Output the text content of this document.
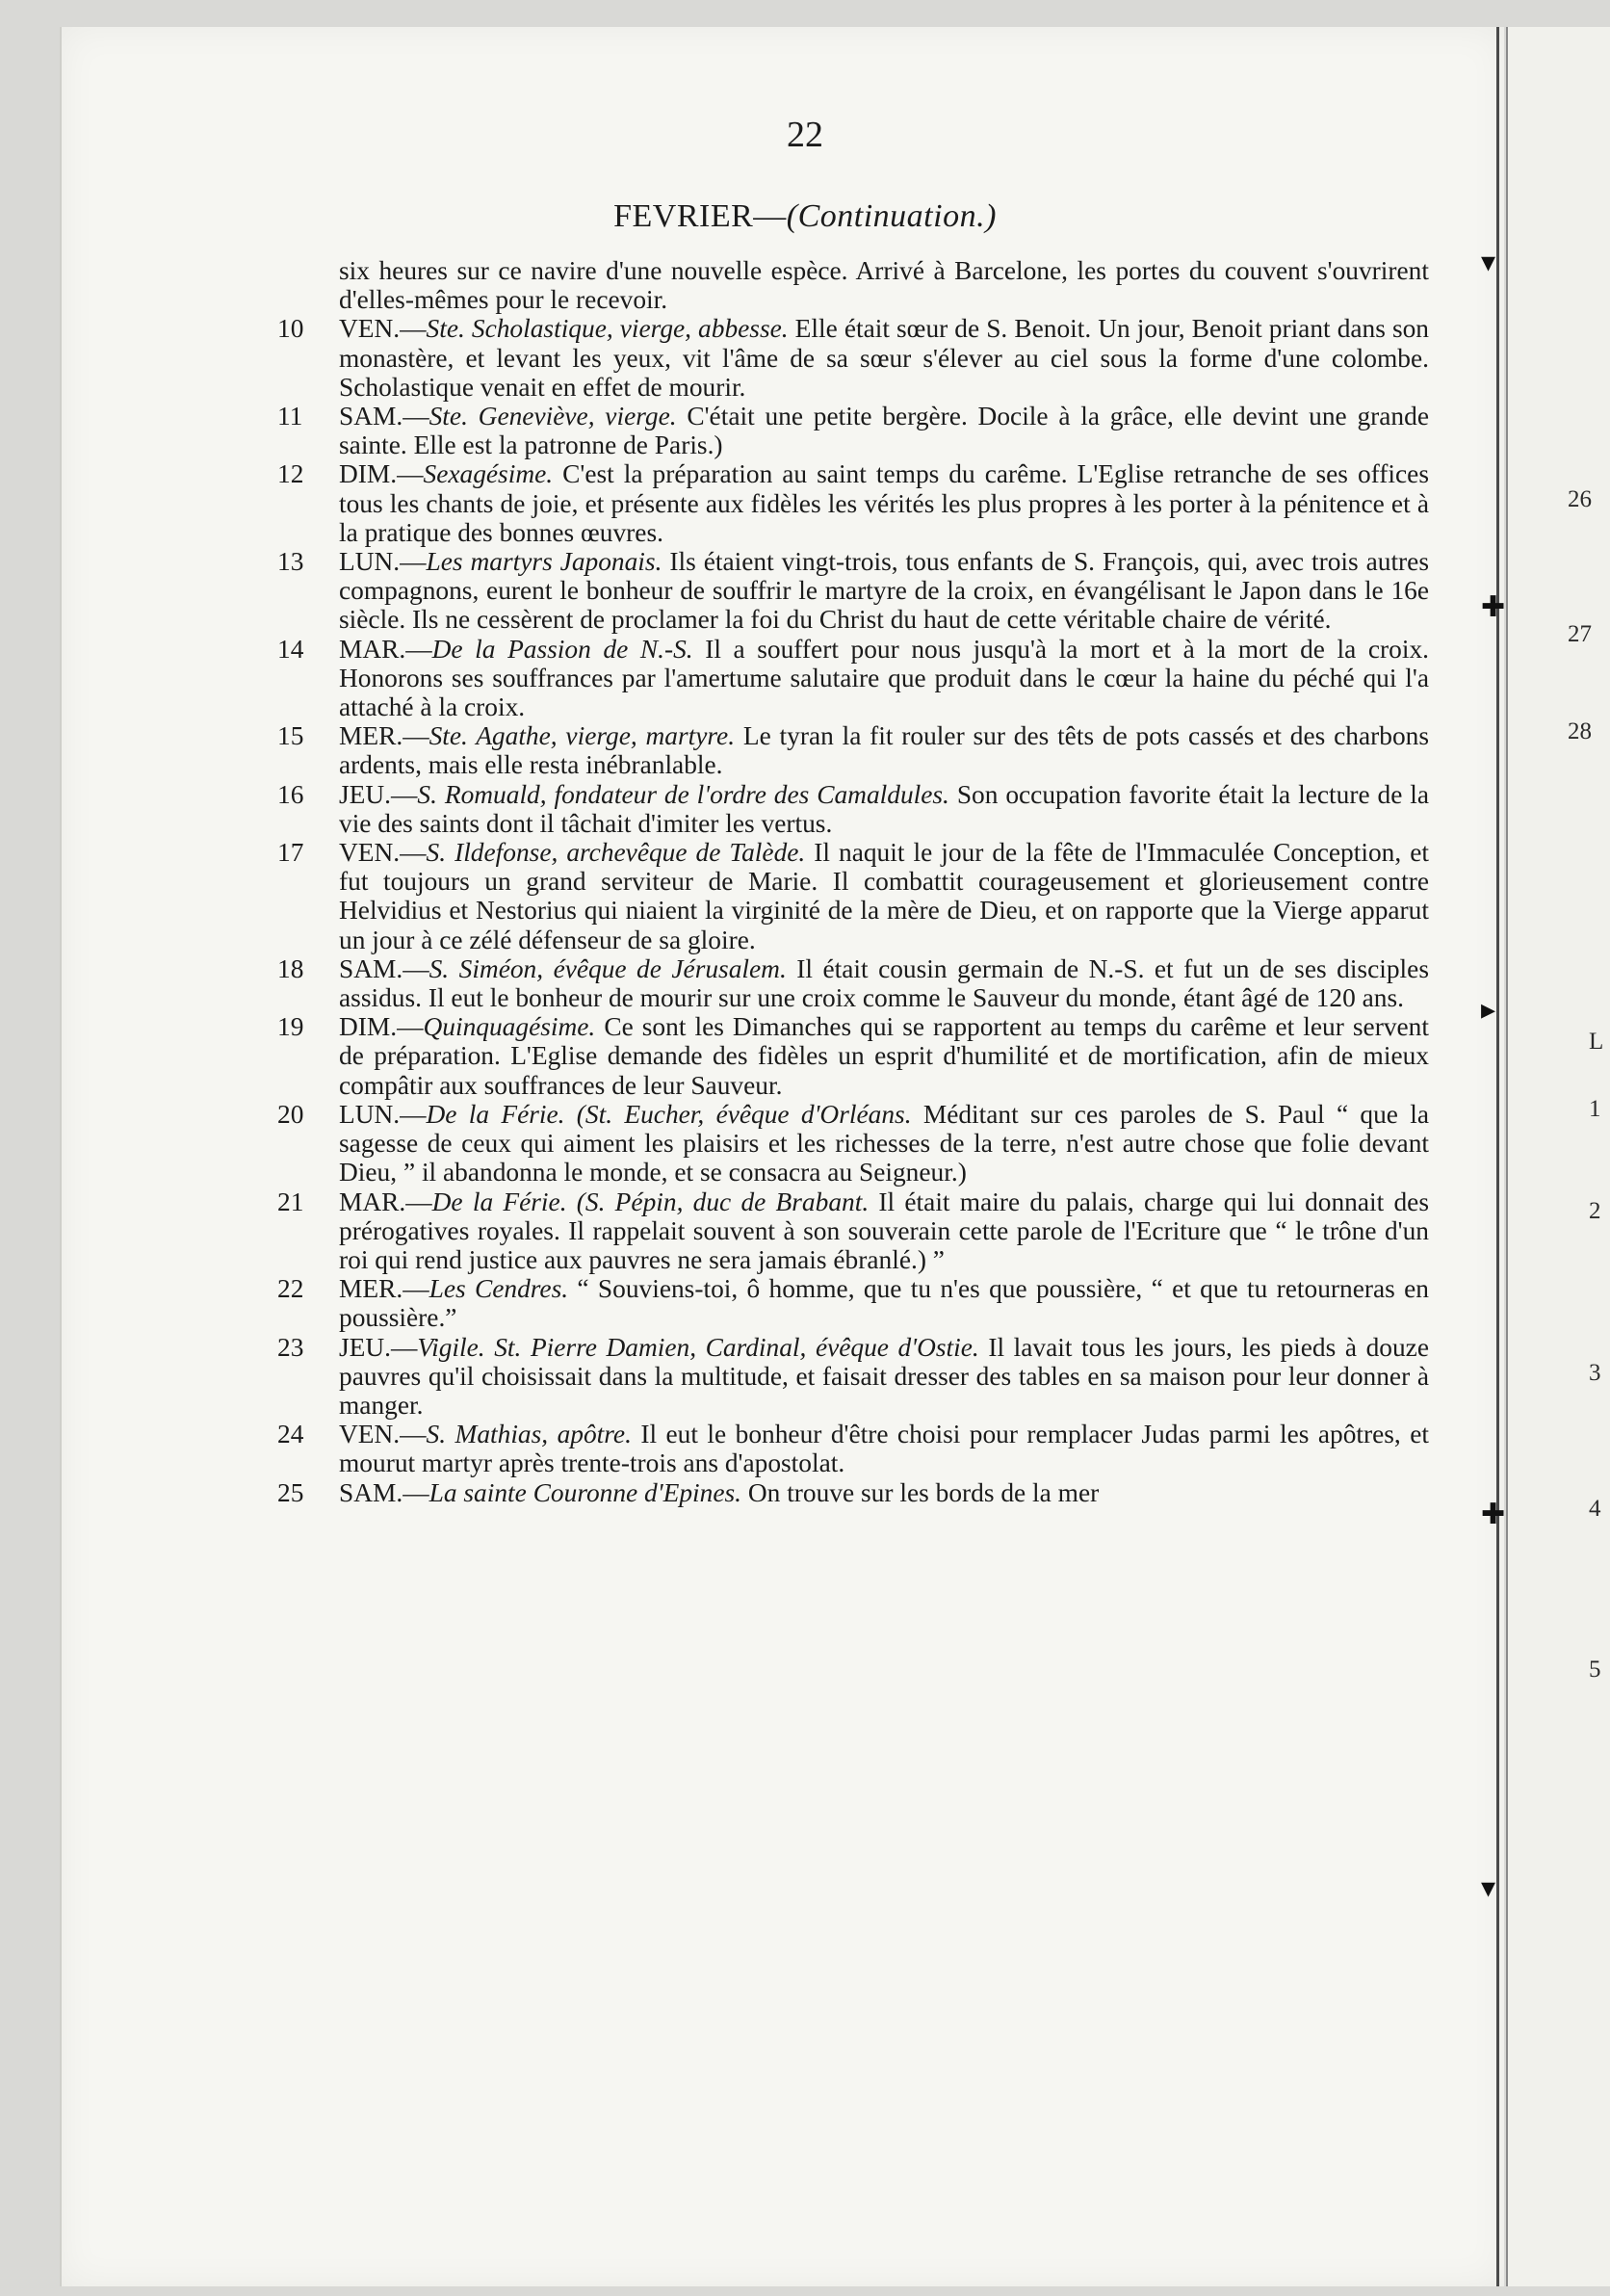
▾
✚
▸
✚
▾
26
27
28
L
1
2
3
4
5
22
FEVRIER—(Continuation.)
six heures sur ce navire d'une nouvelle espèce. Arrivé à Barcelone, les portes du couvent s'ouvrirent d'elles-mêmes pour le recevoir.
10	VEN.—Ste. Scholastique, vierge, abbesse. Elle était sœur de S. Benoit. Un jour, Benoit priant dans son monastère, et levant les yeux, vit l'âme de sa sœur s'élever au ciel sous la forme d'une colombe. Scholastique venait en effet de mourir.
11	SAM.—Ste. Geneviève, vierge. C'était une petite bergère. Docile à la grâce, elle devint une grande sainte. Elle est la patronne de Paris.)
12	DIM.—Sexagésime. C'est la préparation au saint temps du carême. L'Eglise retranche de ses offices tous les chants de joie, et présente aux fidèles les vérités les plus propres à les porter à la pénitence et à la pratique des bonnes œuvres.
13	LUN.—Les martyrs Japonais. Ils étaient vingt-trois, tous enfants de S. François, qui, avec trois autres compagnons, eurent le bonheur de souffrir le martyre de la croix, en évangélisant le Japon dans le 16e siècle. Ils ne cessèrent de proclamer la foi du Christ du haut de cette véritable chaire de vérité.
14	MAR.—De la Passion de N.-S. Il a souffert pour nous jusqu'à la mort et à la mort de la croix. Honorons ses souffrances par l'amertume salutaire que produit dans le cœur la haine du péché qui l'a attaché à la croix.
15	MER.—Ste. Agathe, vierge, martyre. Le tyran la fit rouler sur des têts de pots cassés et des charbons ardents, mais elle resta inébranlable.
16	JEU.—S. Romuald, fondateur de l'ordre des Camaldules. Son occupation favorite était la lecture de la vie des saints dont il tâchait d'imiter les vertus.
17	VEN.—S. Ildefonse, archevêque de Talède. Il naquit le jour de la fête de l'Immaculée Conception, et fut toujours un grand serviteur de Marie. Il combattit courageusement et glorieusement contre Helvidius et Nestorius qui niaient la virginité de la mère de Dieu, et on rapporte que la Vierge apparut un jour à ce zélé défenseur de sa gloire.
18	SAM.—S. Siméon, évêque de Jérusalem. Il était cousin germain de N.-S. et fut un de ses disciples assidus. Il eut le bonheur de mourir sur une croix comme le Sauveur du monde, étant âgé de 120 ans.
19	DIM.—Quinquagésime. Ce sont les Dimanches qui se rapportent au temps du carême et leur servent de préparation. L'Eglise demande des fidèles un esprit d'humilité et de mortification, afin de mieux compâtir aux souffrances de leur Sauveur.
20	LUN.—De la Férie. (St. Eucher, évêque d'Orléans. Méditant sur ces paroles de S. Paul “ que la sagesse de ceux qui aiment les plaisirs et les richesses de la terre, n'est autre chose que folie devant Dieu, ” il abandonna le monde, et se consacra au Seigneur.)
21	MAR.—De la Férie. (S. Pépin, duc de Brabant. Il était maire du palais, charge qui lui donnait des prérogatives royales. Il rappelait souvent à son souverain cette parole de l'Ecriture que “ le trône d'un roi qui rend justice aux pauvres ne sera jamais ébranlé.) ”
22	MER.—Les Cendres. “ Souviens-toi, ô homme, que tu n'es que poussière, “ et que tu retourneras en poussière.”
23	JEU.—Vigile. St. Pierre Damien, Cardinal, évêque d'Ostie. Il lavait tous les jours, les pieds à douze pauvres qu'il choisissait dans la multitude, et faisait dresser des tables en sa maison pour leur donner à manger.
24	VEN.—S. Mathias, apôtre. Il eut le bonheur d'être choisi pour remplacer Judas parmi les apôtres, et mourut martyr après trente-trois ans d'apostolat.
25	SAM.—La sainte Couronne d'Epines. On trouve sur les bords de la mer
